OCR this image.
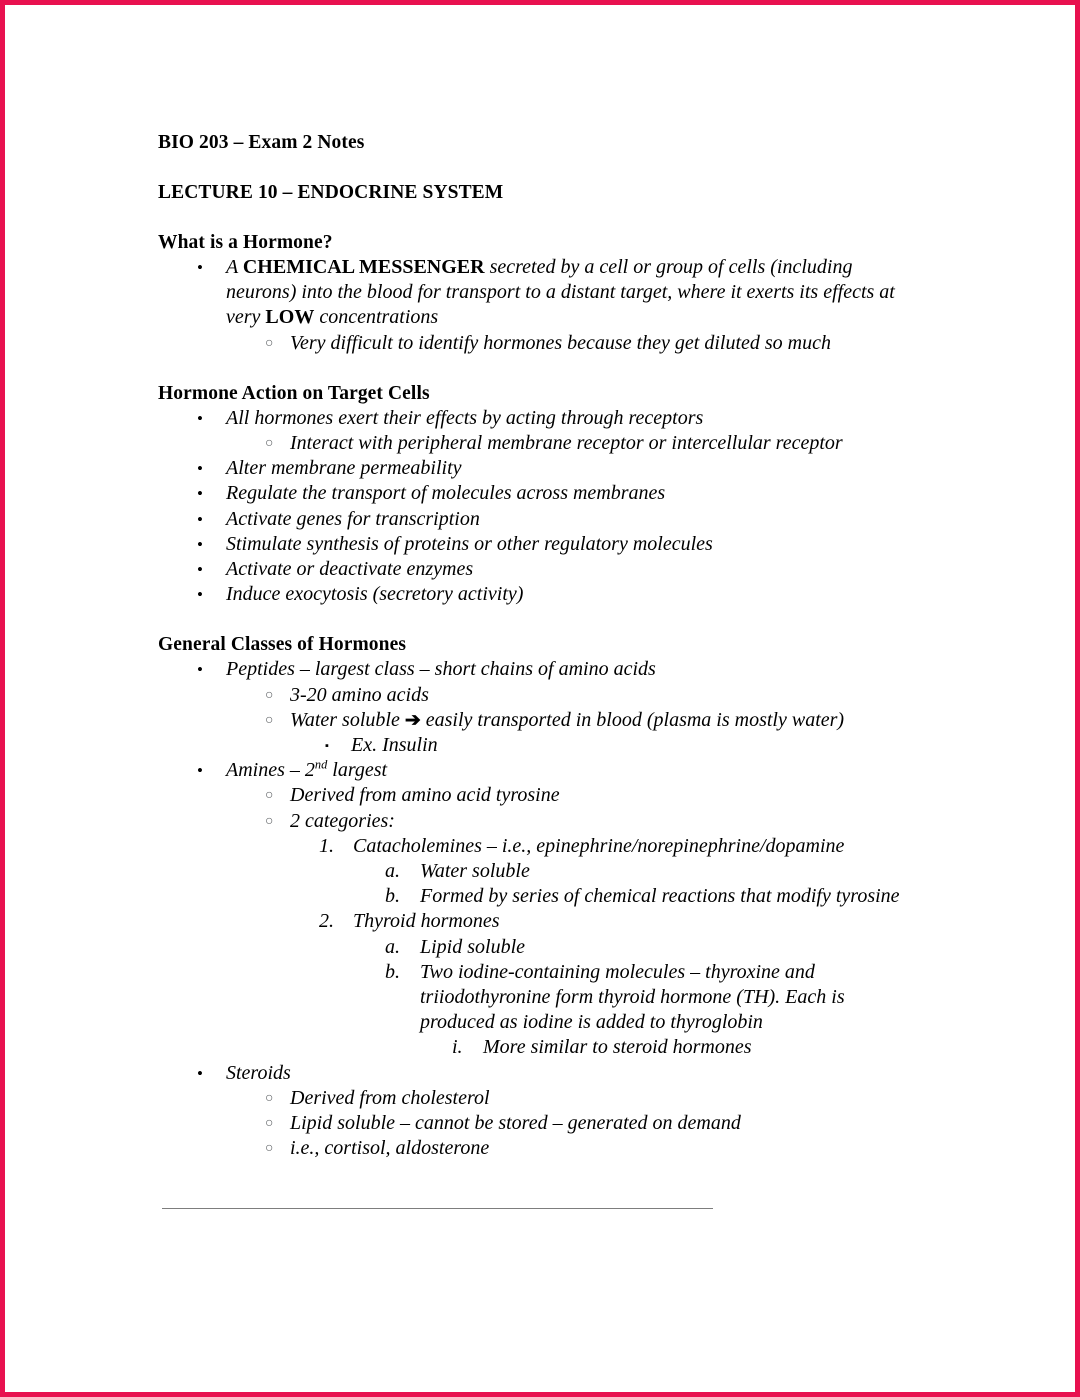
BIO 203 – Exam 2 Notes
LECTURE 10 – ENDOCRINE SYSTEM
What is a Hormone?
• A CHEMICAL MESSENGER secreted by a cell or group of cells (including neurons) into the blood for transport to a distant target, where it exerts its effects at very LOW concentrations
○ Very difficult to identify hormones because they get diluted so much
Hormone Action on Target Cells
• All hormones exert their effects by acting through receptors
○ Interact with peripheral membrane receptor or intercellular receptor
• Alter membrane permeability
• Regulate the transport of molecules across membranes
• Activate genes for transcription
• Stimulate synthesis of proteins or other regulatory molecules
• Activate or deactivate enzymes
• Induce exocytosis (secretory activity)
General Classes of Hormones
• Peptides – largest class – short chains of amino acids
○ 3-20 amino acids
○ Water soluble ➔ easily transported in blood (plasma is mostly water)
▪ Ex. Insulin
• Amines – 2nd largest
○ Derived from amino acid tyrosine
○ 2 categories:
1. Catacholemines – i.e., epinephrine/norepinephrine/dopamine
a. Water soluble
b. Formed by series of chemical reactions that modify tyrosine
2. Thyroid hormones
a. Lipid soluble
b. Two iodine-containing molecules – thyroxine and triiodothyronine form thyroid hormone (TH). Each is produced as iodine is added to thyroglobin
i. More similar to steroid hormones
• Steroids
○ Derived from cholesterol
○ Lipid soluble – cannot be stored – generated on demand
○ i.e., cortisol, aldosterone
